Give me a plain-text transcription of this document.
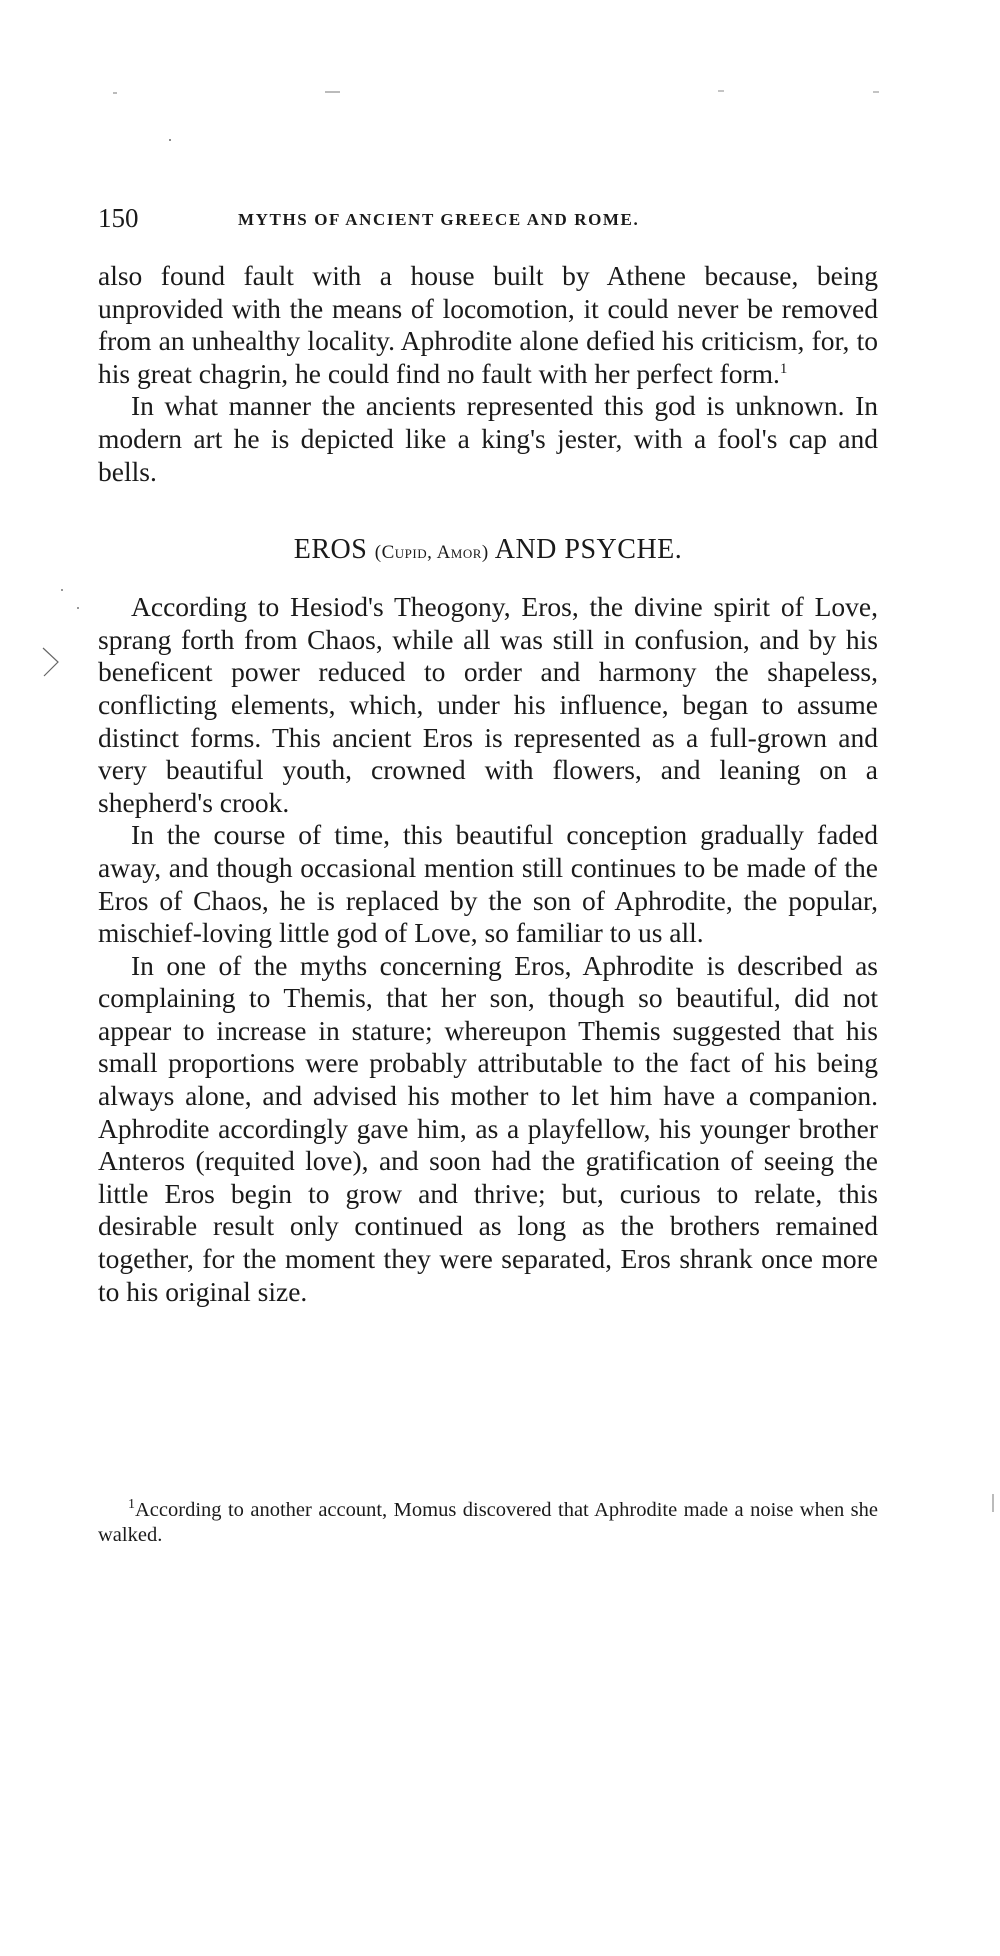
150	MYTHS OF ANCIENT GREECE AND ROME.

also found fault with a house built by Athene because, being unprovided with the means of locomotion, it could never be removed from an unhealthy locality. Aphrodite alone defied his criticism, for, to his great chagrin, he could find no fault with her perfect form.$^1$

In what manner the ancients represented this god is unknown. In modern art he is depicted like a king's jester, with a fool's cap and bells.

EROS (Cupid, Amor) AND PSYCHE.

According to Hesiod's Theogony, Eros, the divine spirit of Love, sprang forth from Chaos, while all was still in confusion, and by his beneficent power reduced to order and harmony the shapeless, conflicting elements, which, under his influence, began to assume distinct forms. This ancient Eros is represented as a full-grown and very beautiful youth, crowned with flowers, and leaning on a shepherd's crook.

In the course of time, this beautiful conception gradually faded away, and though occasional mention still continues to be made of the Eros of Chaos, he is replaced by the son of Aphrodite, the popular, mischief-loving little god of Love, so familiar to us all.

In one of the myths concerning Eros, Aphrodite is described as complaining to Themis, that her son, though so beautiful, did not appear to increase in stature; whereupon Themis suggested that his small proportions were probably attributable to the fact of his being always alone, and advised his mother to let him have a companion. Aphrodite accordingly gave him, as a playfellow, his younger brother Anteros (requited love), and soon had the gratification of seeing the little Eros begin to grow and thrive; but, curious to relate, this desirable result only continued as long as the brothers remained together, for the moment they were separated, Eros shrank once more to his original size.

$^1$According to another account, Momus discovered that Aphrodite made a noise when she walked.
